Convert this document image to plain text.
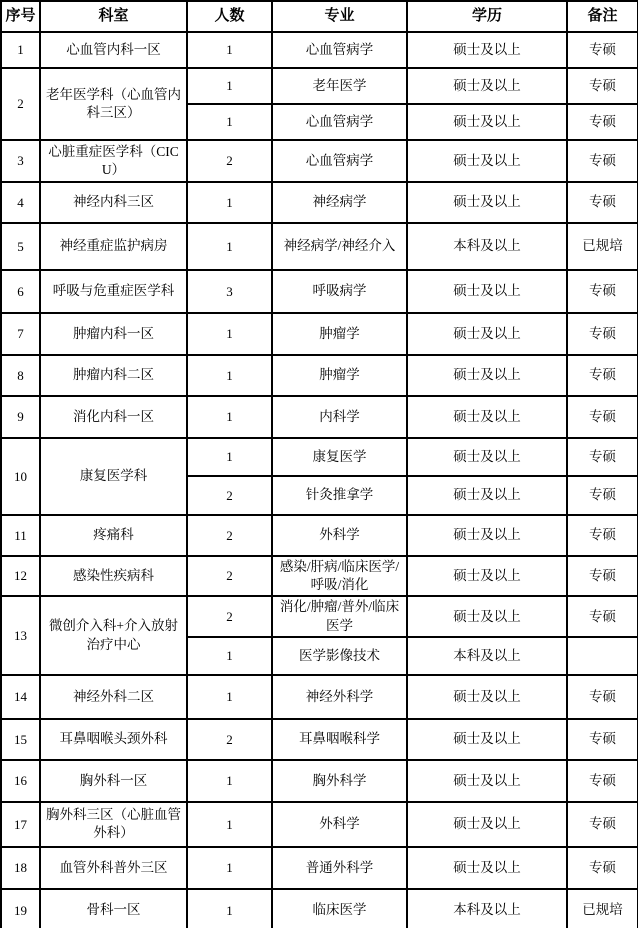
序号	科室	人数	专业	学历	备注
1	心血管内科一区	1	心血管病学	硕士及以上	专硕
2	老年医学科（心血管内科三区）	1	老年医学	硕士及以上	专硕
		1	心血管病学	硕士及以上	专硕
3	心脏重症医学科（CICU）	2	心血管病学	硕士及以上	专硕
4	神经内科三区	1	神经病学	硕士及以上	专硕
5	神经重症监护病房	1	神经病学/神经介入	本科及以上	已规培
6	呼吸与危重症医学科	3	呼吸病学	硕士及以上	专硕
7	肿瘤内科一区	1	肿瘤学	硕士及以上	专硕
8	肿瘤内科二区	1	肿瘤学	硕士及以上	专硕
9	消化内科一区	1	内科学	硕士及以上	专硕
10	康复医学科	1	康复医学	硕士及以上	专硕
		2	针灸推拿学	硕士及以上	专硕
11	疼痛科	2	外科学	硕士及以上	专硕
12	感染性疾病科	2	感染/肝病/临床医学/呼吸/消化	硕士及以上	专硕
13	微创介入科+介入放射治疗中心	2	消化/肿瘤/普外/临床医学	硕士及以上	专硕
		1	医学影像技术	本科及以上	
14	神经外科二区	1	神经外科学	硕士及以上	专硕
15	耳鼻咽喉头颈外科	2	耳鼻咽喉科学	硕士及以上	专硕
16	胸外科一区	1	胸外科学	硕士及以上	专硕
17	胸外科三区（心脏血管外科）	1	外科学	硕士及以上	专硕
18	血管外科普外三区	1	普通外科学	硕士及以上	专硕
19	骨科一区	1	临床医学	本科及以上	已规培
